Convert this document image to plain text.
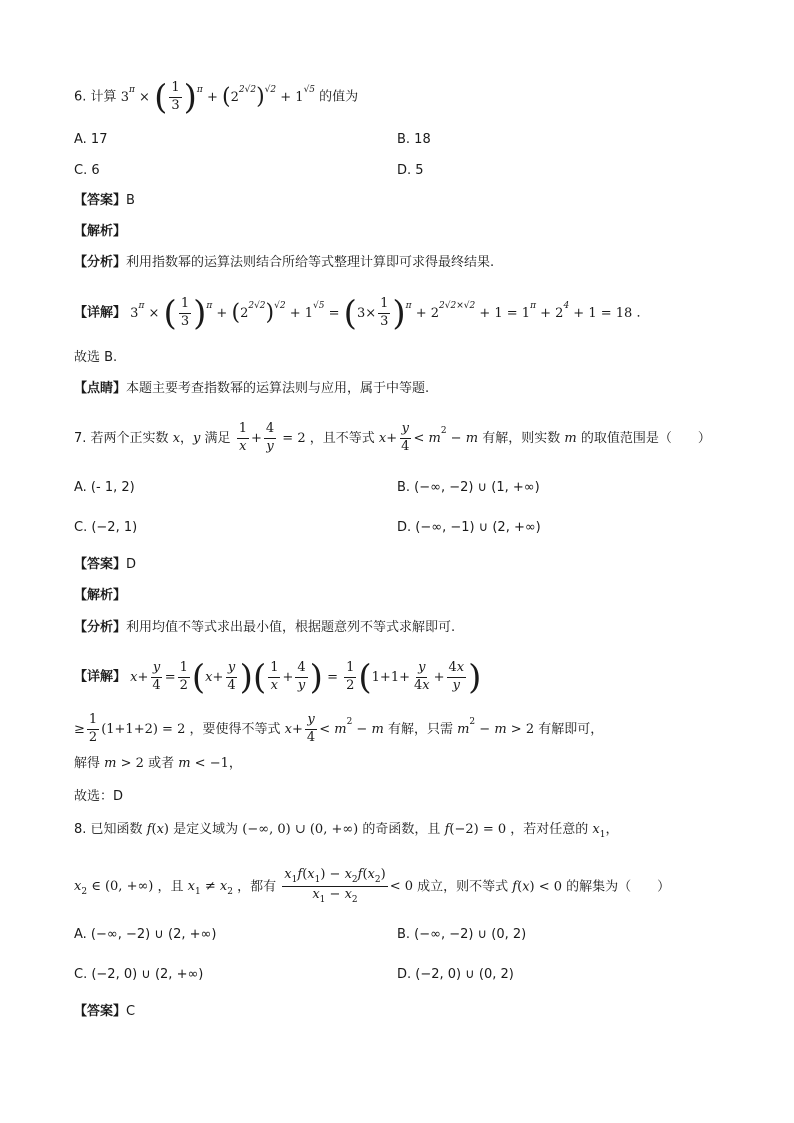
6. 计算 $3^\pi$ × ( $\frac{1}{3} )^\pi + (2^{2√2})^{√2} + 1^{√5}$ 的值为
A. 17	B. 18
C. 6	D. 5
【答案】B
【解析】
【分析】利用指数幂的运算法则结合所给等式整理计算即可求得最终结果.
【详解】 $3^\pi$ × ( $\frac{1}{3} )^\pi + (2^{2√2})^{√2} + 1^{√5} = (3\times \frac{1}{3} )^\pi + 2^{2√2\times√2} + 1 = 1^\pi + 2^4 + 1 = 18$ ．
故选 B.
【点睛】本题主要考查指数幂的运算法则与应用，属于中等题.
7. 若两个正实数 x，y 满足 $\frac{1}{x} + \frac{4}{y} = 2$ ，且不等式 $x+ \frac{y}{4} < m^2 - m$ 有解，则实数 m 的取值范围是（　　）
A. (- 1, 2)	B. (−∞, −2) ∪ (1, +∞)
C. (−2, 1)	D. (−∞, −1) ∪ (2, +∞)
【答案】D
【解析】
【分析】利用均值不等式求出最小值，根据题意列不等式求解即可.
【详解】 $x+ \frac{y}{4} = \frac{1}{2} (x+ \frac{y}{4}$ )( $\frac{1}{x} + \frac{4}{y}$ ) = $\frac{1}{2} (1+1+ \frac{y}{4x} + \frac{4x}{y}$ )
≥ $\frac{1}{2} (1+1+2) = 2$ ，要使得不等式 $x+ \frac{y}{4} < m^2 - m$ 有解，只需 $m^2 - m > 2$ 有解即可，
解得 m > 2 或者 m < −1，
故选：D
8. 已知函数 f(x) 是定义域为 (−∞, 0) ∪ (0, +∞) 的奇函数，且 f(−2) = 0 ，若对任意的 $x_1$，
$x_2$ ∈ (0, +∞) ，且 $x_1 \ne x_2$ ，都有 $\frac{x_1f(x_1) - x_2f(x_2)}{x_1 - x_2} < 0$ 成立，则不等式 f(x) < 0 的解集为（　　）
A. (−∞, −2) ∪ (2, +∞)	B. (−∞, −2) ∪ (0, 2)
C. (−2, 0) ∪ (2, +∞)	D. (−2, 0) ∪ (0, 2)
【答案】C
